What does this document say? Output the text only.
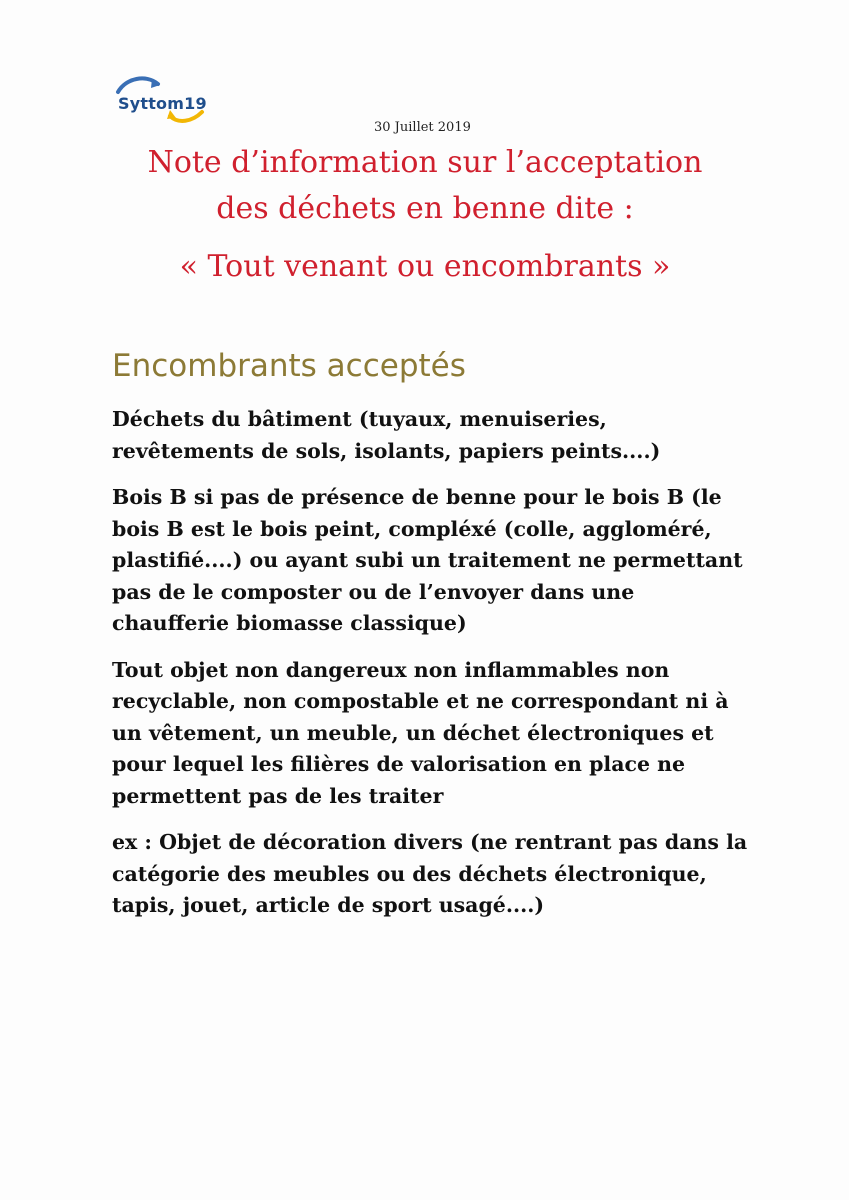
Syttom19
30 Juillet 2019
Note d’information sur l’acceptation
des déchets en benne dite :
« Tout venant ou encombrants »
Encombrants acceptés

Déchets du bâtiment (tuyaux, menuiseries, revêtements de sols, isolants, papiers peints....)

Bois B si pas de présence de benne pour le bois B (le bois B est le bois peint, compléxé (colle, aggloméré, plastifié....) ou ayant subi un traitement ne permettant pas de le composter ou de l’envoyer dans une chaufferie biomasse classique)

Tout objet non dangereux non inflammables non recyclable, non compostable et ne correspondant ni à un vêtement, un meuble, un déchet électroniques et pour lequel les filières de valorisation en place ne permettent pas de les traiter

ex : Objet de décoration divers (ne rentrant pas dans la catégorie des meubles ou des déchets électronique, tapis, jouet, article de sport usagé....)
